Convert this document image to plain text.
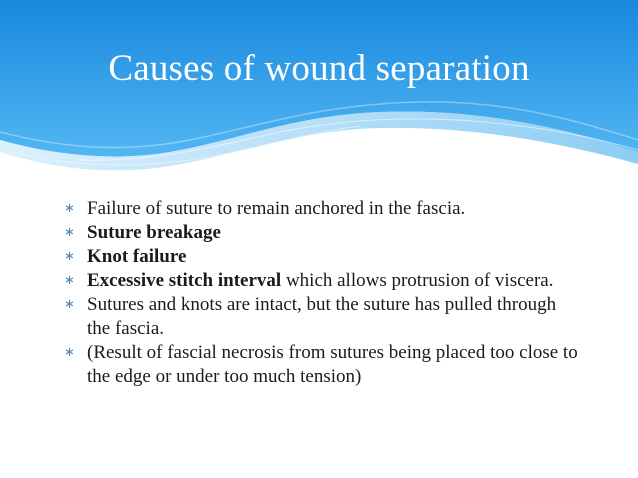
Causes of wound separation
∗ Failure of suture to remain anchored in the fascia.
∗ Suture breakage
∗ Knot failure
∗ Excessive stitch interval which allows protrusion of viscera.
∗ Sutures and knots are intact, but the suture has pulled through the fascia.
∗ (Result of fascial necrosis from sutures being placed too close to the edge or under too much tension)
